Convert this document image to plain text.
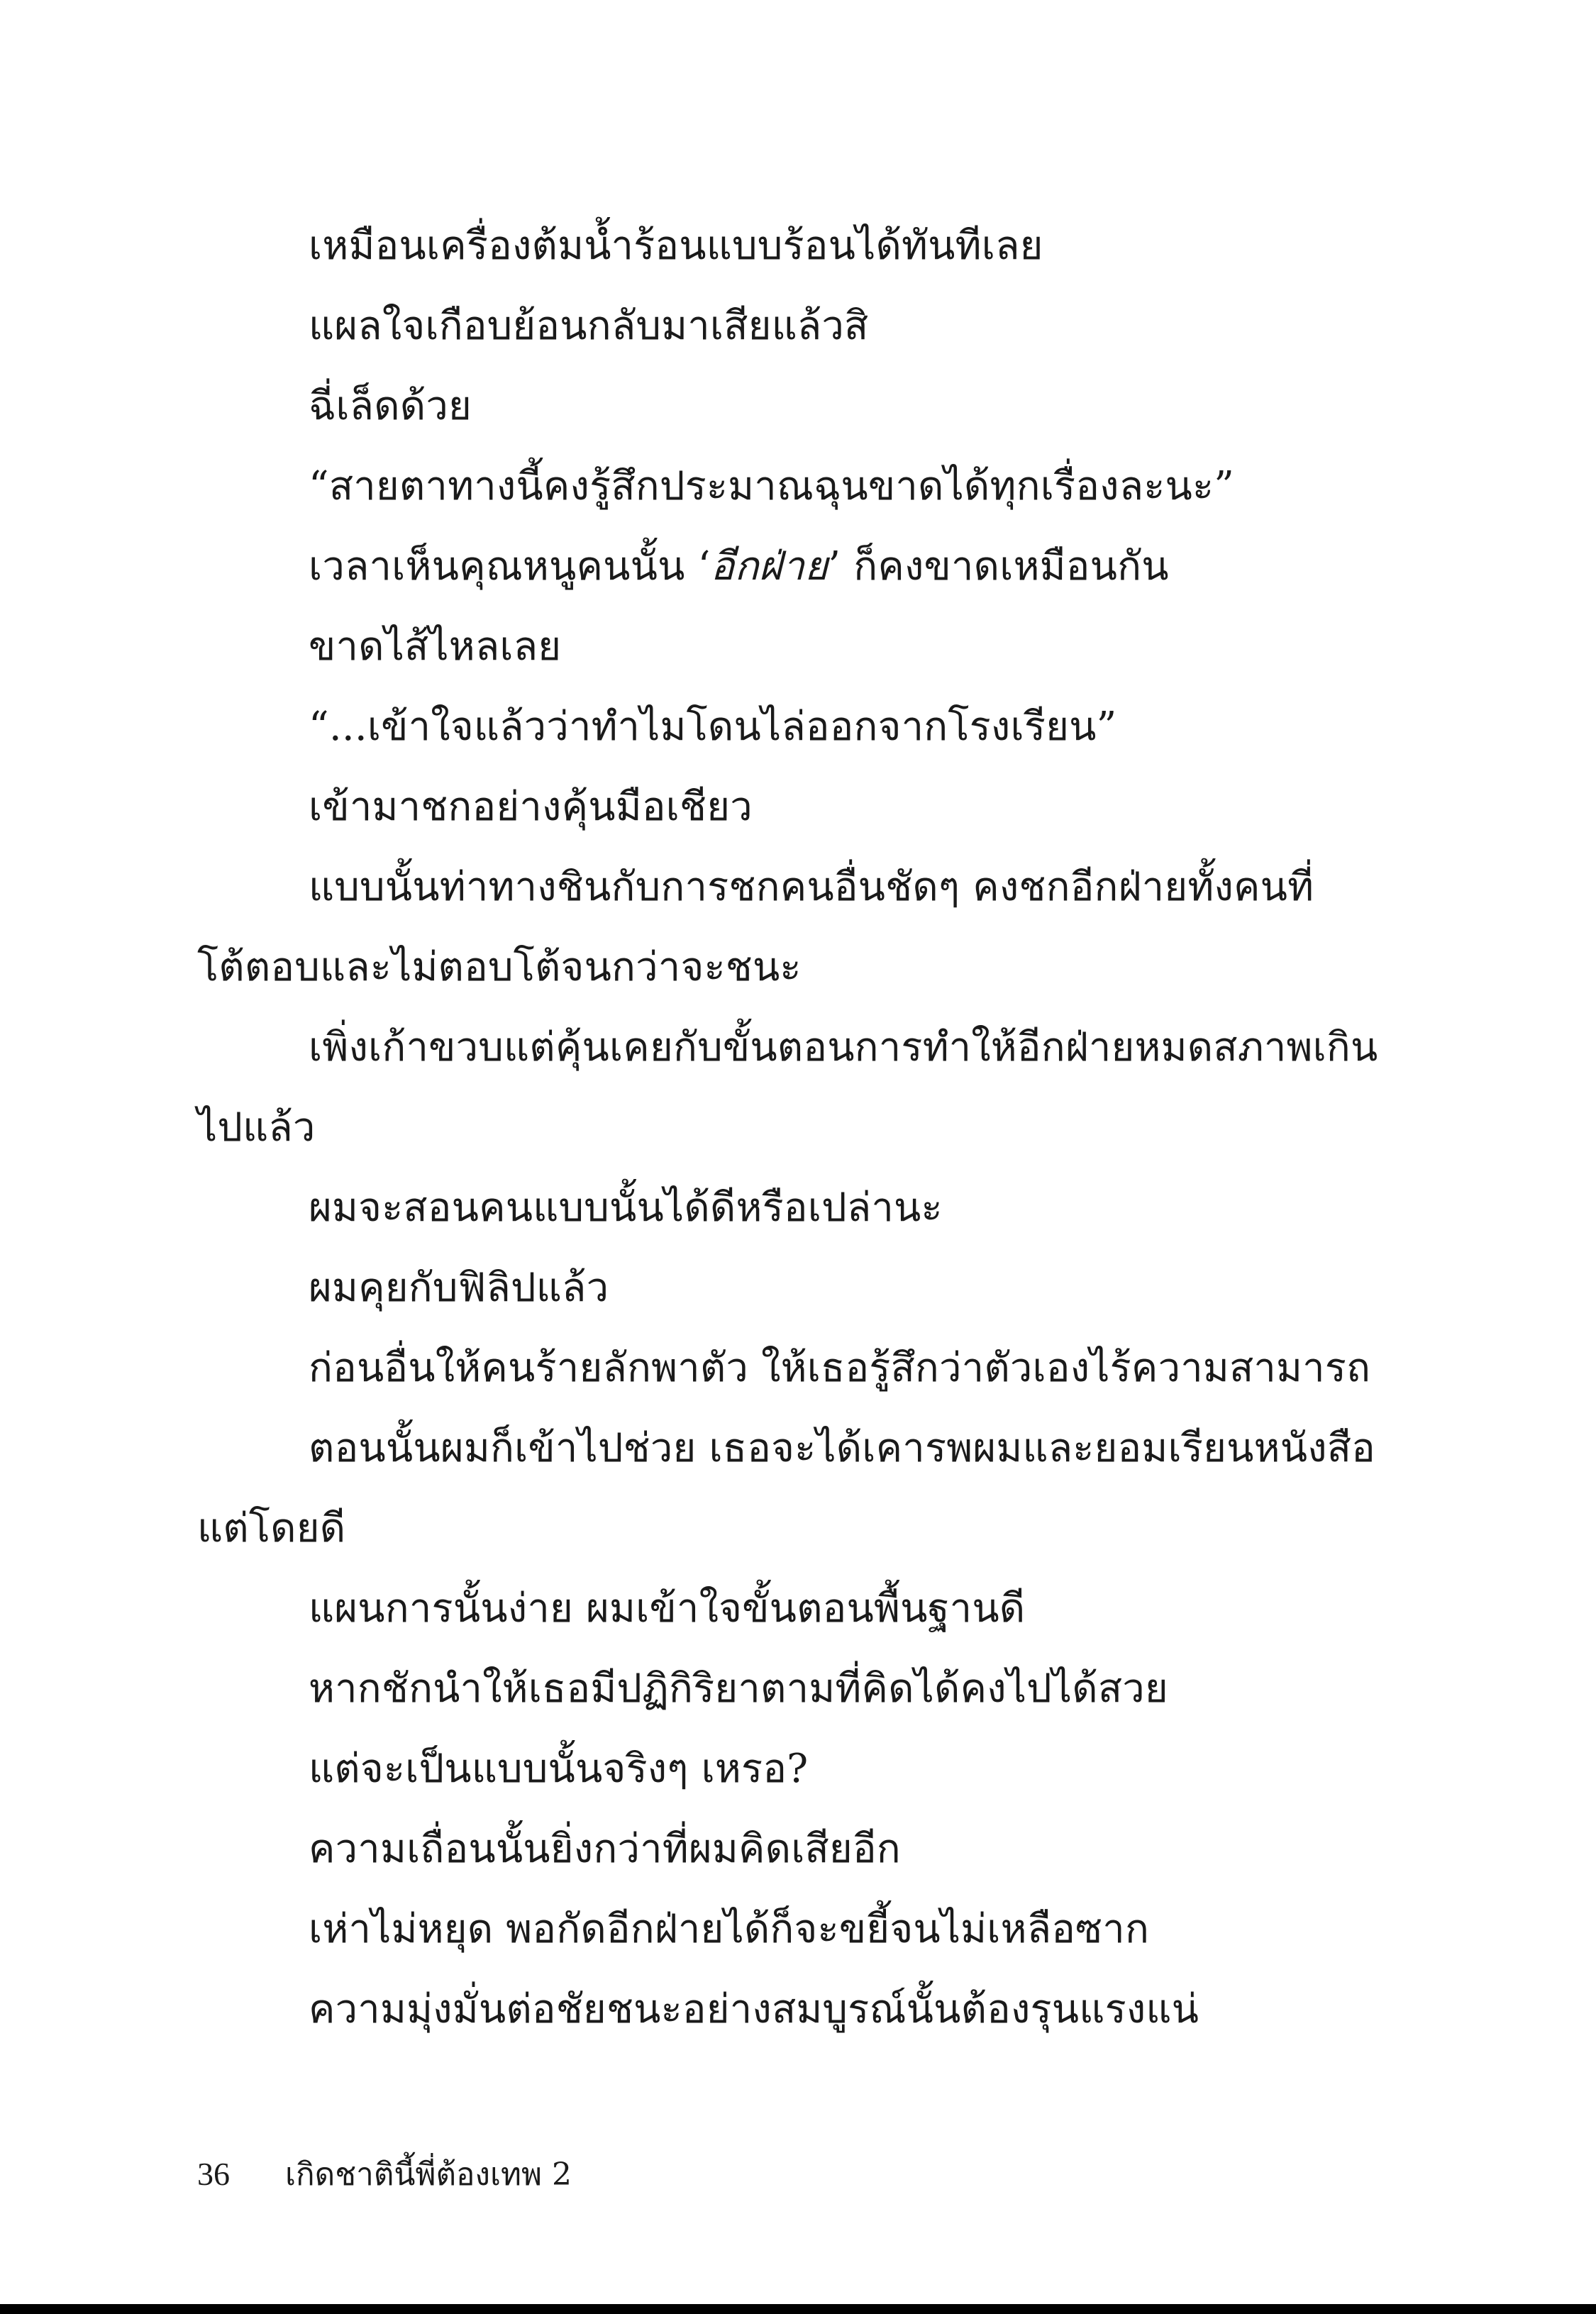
เหมือนเครื่องต้มน้ำร้อนแบบร้อนได้ทันทีเลย
แผลใจเกือบย้อนกลับมาเสียแล้วสิ
ฉี่เล็ดด้วย
“สายตาทางนี้คงรู้สึกประมาณฉุนขาดได้ทุกเรื่องละนะ”
เวลาเห็นคุณหนูคนนั้น ‘อีกฝ่าย’ ก็คงขาดเหมือนกัน
ขาดไส้ไหลเลย
“...เข้าใจแล้วว่าทำไมโดนไล่ออกจากโรงเรียน”
เข้ามาชกอย่างคุ้นมือเชียว
แบบนั้นท่าทางชินกับการชกคนอื่นชัดๆ คงชกอีกฝ่ายทั้งคนที่
โต้ตอบและไม่ตอบโต้จนกว่าจะชนะ
เพิ่งเก้าขวบแต่คุ้นเคยกับขั้นตอนการทำให้อีกฝ่ายหมดสภาพเกิน
ไปแล้ว
ผมจะสอนคนแบบนั้นได้ดีหรือเปล่านะ
ผมคุยกับฟิลิปแล้ว
ก่อนอื่นให้คนร้ายลักพาตัว ให้เธอรู้สึกว่าตัวเองไร้ความสามารถ
ตอนนั้นผมก็เข้าไปช่วย เธอจะได้เคารพผมและยอมเรียนหนังสือ
แต่โดยดี
แผนการนั้นง่าย ผมเข้าใจขั้นตอนพื้นฐานดี
หากชักนำให้เธอมีปฏิกิริยาตามที่คิดได้คงไปได้สวย
แต่จะเป็นแบบนั้นจริงๆ เหรอ?
ความเถื่อนนั้นยิ่งกว่าที่ผมคิดเสียอีก
เห่าไม่หยุด พอกัดอีกฝ่ายได้ก็จะขยี้จนไม่เหลือซาก
ความมุ่งมั่นต่อชัยชนะอย่างสมบูรณ์นั้นต้องรุนแรงแน่
36 เกิดชาตินี้พี่ต้องเทพ 2
